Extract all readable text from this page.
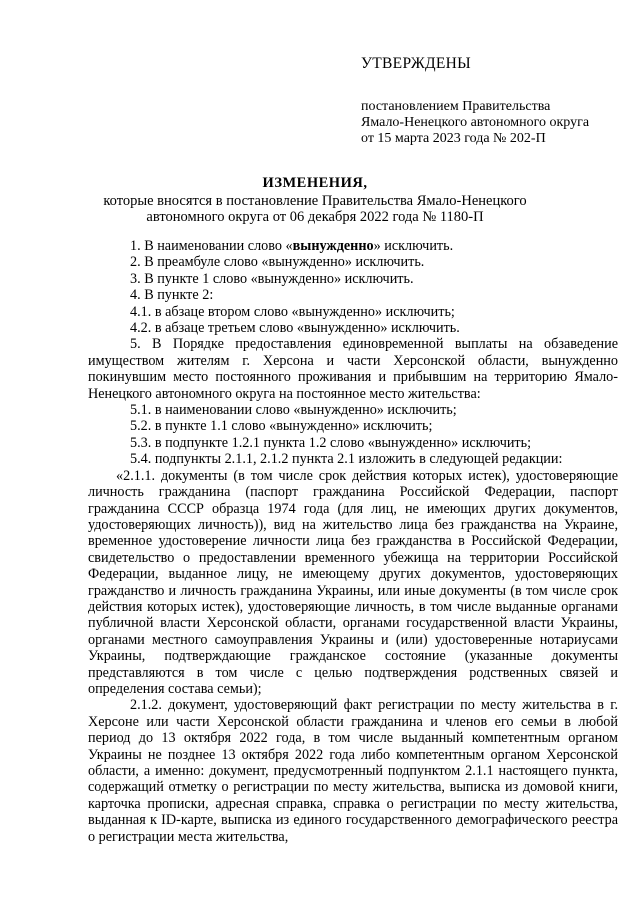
УТВЕРЖДЕНЫ
постановлением Правительства
Ямало-Ненецкого автономного округа
от 15 марта 2023 года № 202-П
ИЗМЕНЕНИЯ,
которые вносятся в постановление Правительства Ямало-Ненецкого
автономного округа от 06 декабря 2022 года № 1180-П

1. В наименовании слово «вынужденно» исключить.

2. В преамбуле слово «вынужденно» исключить.

3. В пункте 1 слово «вынужденно» исключить.

4. В пункте 2:

4.1. в абзаце втором слово «вынужденно» исключить;

4.2. в абзаце третьем слово «вынужденно» исключить.

5. В Порядке предоставления единовременной выплаты на обзаведение имуществом жителям г. Херсона и части Херсонской области, вынужденно покинувшим место постоянного проживания и прибывшим на территорию Ямало-Ненецкого автономного округа на постоянное место жительства:

5.1. в наименовании слово «вынужденно» исключить;

5.2. в пункте 1.1 слово «вынужденно» исключить;

5.3. в подпункте 1.2.1 пункта 1.2 слово «вынужденно» исключить;

5.4. подпункты 2.1.1, 2.1.2 пункта 2.1 изложить в следующей редакции:

«2.1.1. документы (в том числе срок действия которых истек), удостоверяющие личность гражданина (паспорт гражданина Российской Федерации, паспорт гражданина СССР образца 1974 года (для лиц, не имеющих других документов, удостоверяющих личность)), вид на жительство лица без гражданства на Украине, временное удостоверение личности лица без гражданства в Российской Федерации, свидетельство о предоставлении временного убежища на территории Российской Федерации, выданное лицу, не имеющему других документов, удостоверяющих гражданство и личность гражданина Украины, или иные документы (в том числе срок действия которых истек), удостоверяющие личность, в том числе выданные органами публичной власти Херсонской области, органами государственной власти Украины, органами местного самоуправления Украины и (или) удостоверенные нотариусами Украины, подтверждающие гражданское состояние (указанные документы представляются в том числе с целью подтверждения родственных связей и определения состава семьи);

2.1.2. документ, удостоверяющий факт регистрации по месту жительства в г. Херсоне или части Херсонской области гражданина и членов его семьи в любой период до 13 октября 2022 года, в том числе выданный компетентным органом Украины не позднее 13 октября 2022 года либо компетентным органом Херсонской области, а именно: документ, предусмотренный подпунктом 2.1.1 настоящего пункта, содержащий отметку о регистрации по месту жительства, выписка из домовой книги, карточка прописки, адресная справка, справка о регистрации по месту жительства, выданная к ID-карте, выписка из единого государственного демографического реестра о регистрации места жительства,
